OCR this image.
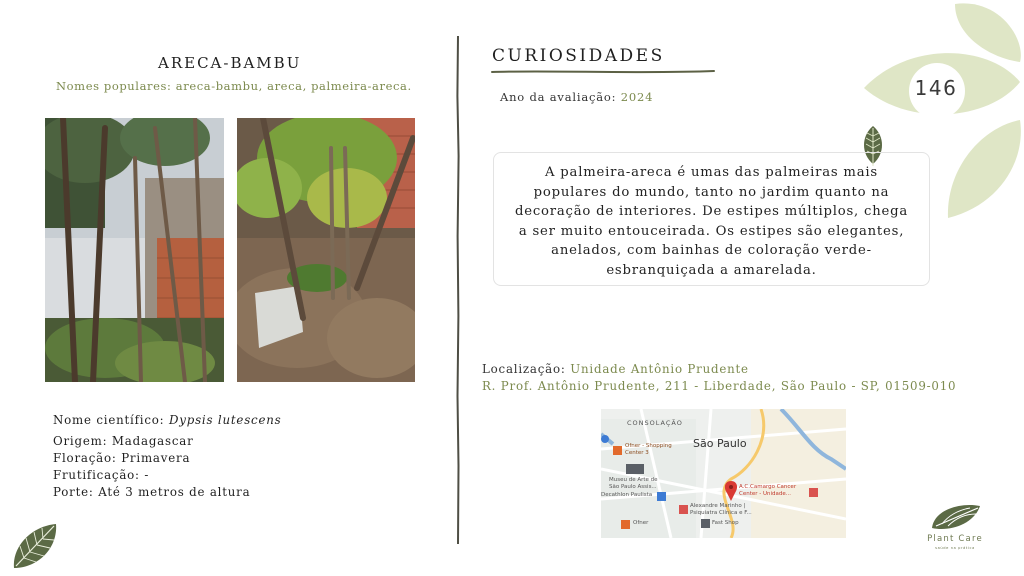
146
ARECA-BAMBU
Nomes populares: areca-bambu, areca, palmeira-areca.
Nome científico: Dypsis lutescens
Origem: Madagascar
Floração: Primavera
Frutificação: -
Porte: Até 3 metros de altura
CURIOSIDADES
Ano da avaliação: 2024
A palmeira-areca é umas das palmeiras mais populares do mundo, tanto no jardim quanto na decoração de interiores. De estipes múltiplos, chega a ser muito entouceirada. Os estipes são elegantes, anelados, com bainhas de coloração verde-esbranquiçada a amarelada.
Localização: Unidade Antônio Prudente
R. Prof. Antônio Prudente, 211 - Liberdade, São Paulo - SP, 01509-010
CONSOLAÇÃO
São Paulo
Ofner - Shopping Center 3
Museu de Arte de São Paulo Assis...
Decathlon Paulista
A.C.Camargo Cancer Center - Unidade...
Alexandre Marinho | Psiquiatra Clínica e F...
Ofner	Fast Shop
Plant Care
saúde na prática
